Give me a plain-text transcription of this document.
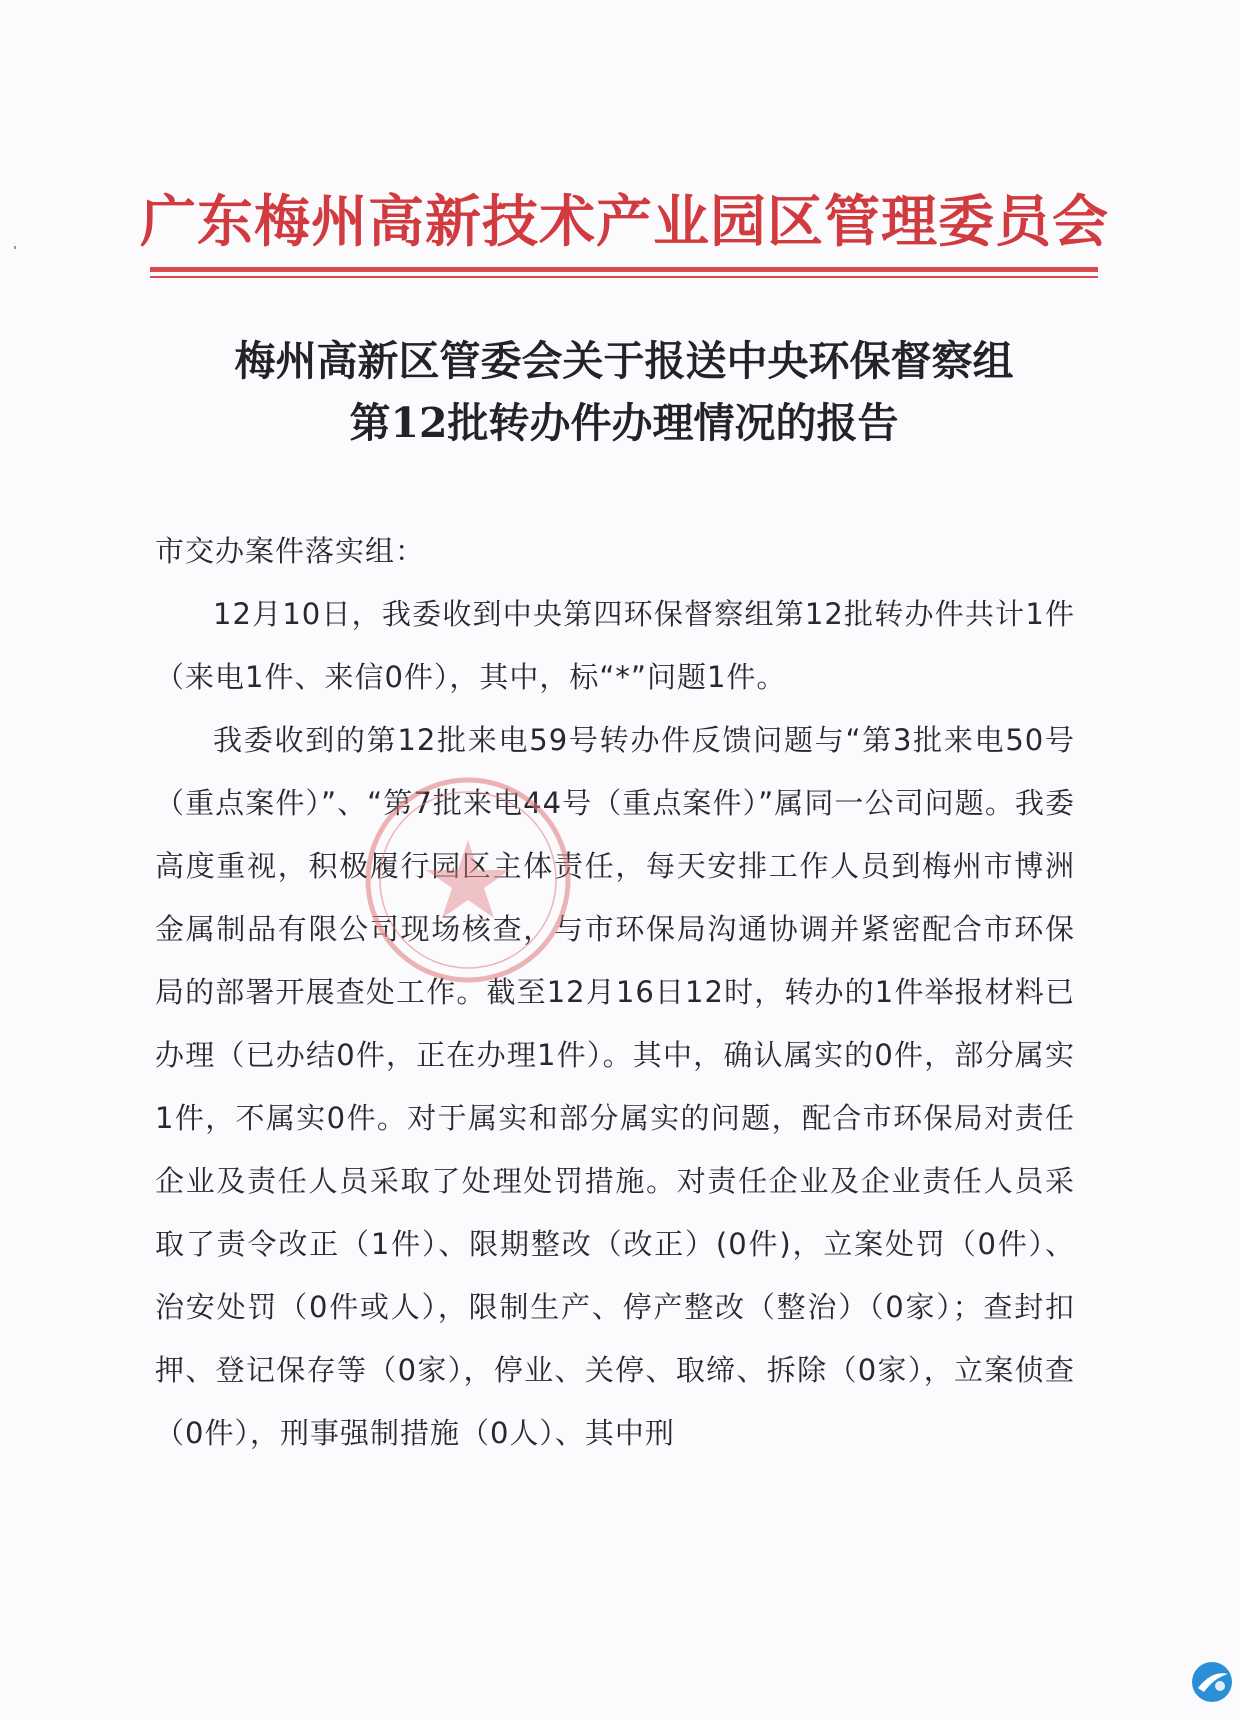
广东梅州高新技术产业园区管理委员会
梅州高新区管委会关于报送中央环保督察组
第12批转办件办理情况的报告

市交办案件落实组：

12月10日，我委收到中央第四环保督察组第12批转办件共计1件（来电1件、来信0件），其中，标“*”问题1件。

我委收到的第12批来电59号转办件反馈问题与“第3批来电50号（重点案件）”、“第7批来电44号（重点案件）”属同一公司问题。我委高度重视，积极履行园区主体责任，每天安排工作人员到梅州市博洲金属制品有限公司现场核查，与市环保局沟通协调并紧密配合市环保局的部署开展查处工作。截至12月16日12时，转办的1件举报材料已办理（已办结0件，正在办理1件）。其中，确认属实的0件，部分属实1件，不属实0件。对于属实和部分属实的问题，配合市环保局对责任企业及责任人员采取了处理处罚措施。对责任企业及企业责任人员采取了责令改正（1件）、限期整改（改正）(0件)，立案处罚（0件）、治安处罚（0件或人），限制生产、停产整改（整治）（0家）；查封扣押、登记保存等（0家），停业、关停、取缔、拆除（0家），立案侦查（0件），刑事强制措施（0人）、其中刑
